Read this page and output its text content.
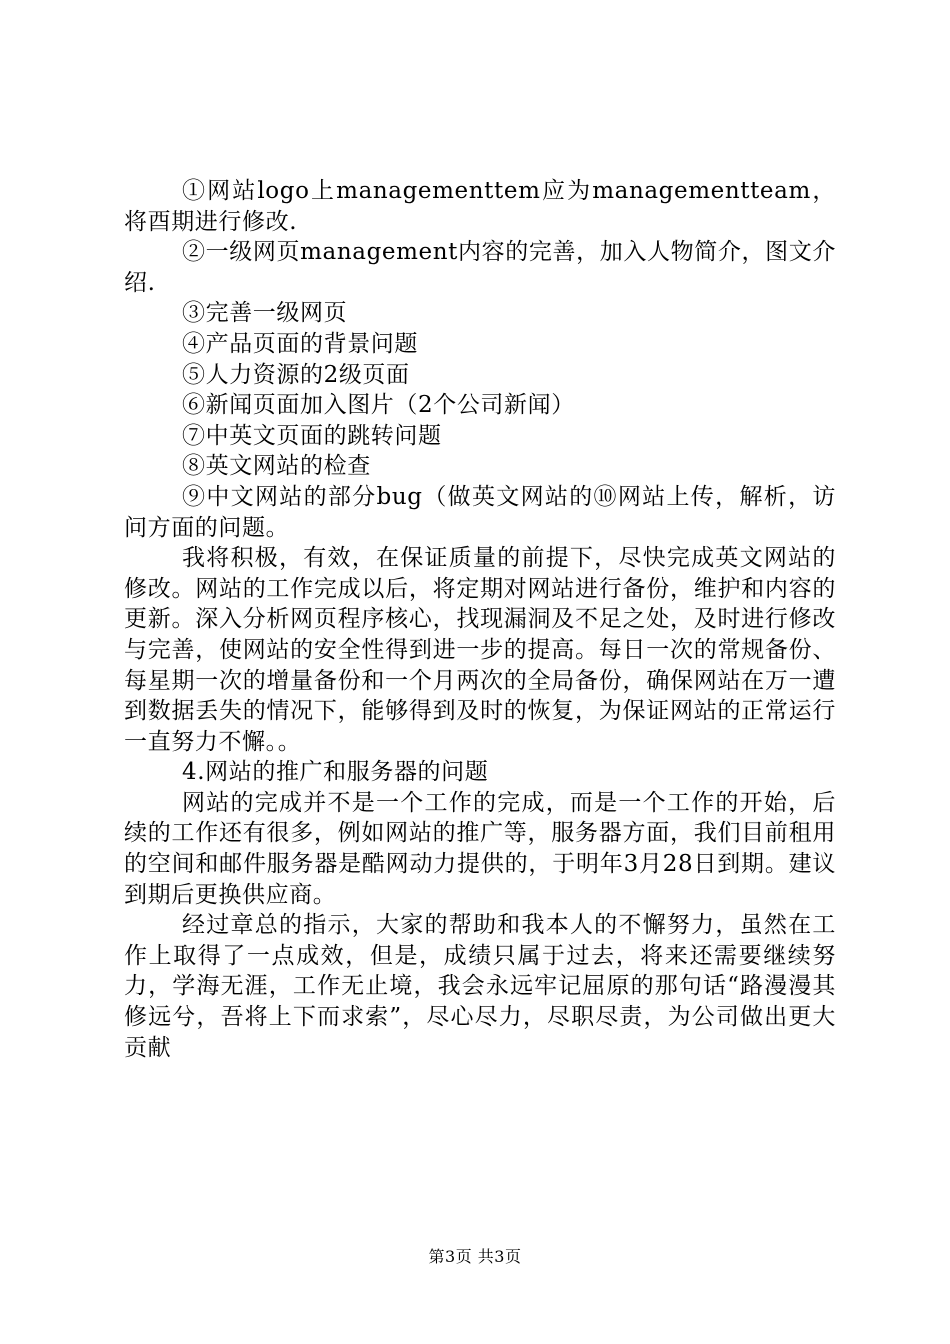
①网站logo上managementtem应为managementteam，将酉期进行修改.

②一级网页management内容的完善，加入人物简介，图文介绍.

③完善一级网页

④产品页面的背景问题

⑤人力资源的2级页面

⑥新闻页面加入图片（2个公司新闻）

⑦中英文页面的跳转问题

⑧英文网站的检查

⑨中文网站的部分bug（做英文网站的⑩网站上传，解析，访问方面的问题。

我将积极，有效，在保证质量的前提下，尽快完成英文网站的修改。网站的工作完成以后，将定期对网站进行备份，维护和内容的更新。深入分析网页程序核心，找现漏洞及不足之处，及时进行修改与完善，使网站的安全性得到进一步的提高。每日一次的常规备份、每星期一次的增量备份和一个月两次的全局备份，确保网站在万一遭到数据丢失的情况下，能够得到及时的恢复，为保证网站的正常运行一直努力不懈。。

4.网站的推广和服务器的问题

网站的完成并不是一个工作的完成，而是一个工作的开始，后续的工作还有很多，例如网站的推广等，服务器方面，我们目前租用的空间和邮件服务器是酷网动力提供的，于明年3月28日到期。建议到期后更换供应商。

经过章总的指示，大家的帮助和我本人的不懈努力，虽然在工作上取得了一点成效，但是，成绩只属于过去，将来还需要继续努力，学海无涯，工作无止境，我会永远牢记屈原的那句话“路漫漫其修远兮，吾将上下而求索”，尽心尽力，尽职尽责，为公司做出更大贡献

第3页 共3页
